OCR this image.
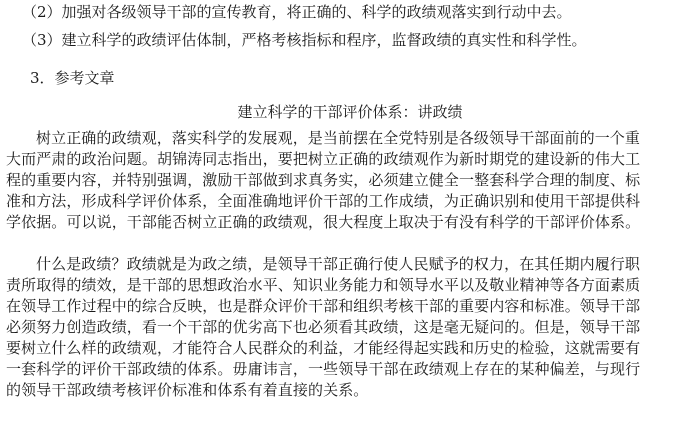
（2）加强对各级领导干部的宣传教育，将正确的、科学的政绩观落实到行动中去。
（3）建立科学的政绩评估体制，严格考核指标和程序，监督政绩的真实性和科学性。
3．参考文章
建立科学的干部评价体系：讲政绩
树立正确的政绩观，落实科学的发展观，是当前摆在全党特别是各级领导干部面前的一个重
大而严肃的政治问题。胡锦涛同志指出，要把树立正确的政绩观作为新时期党的建设新的伟大工
程的重要内容，并特别强调，激励干部做到求真务实，必须建立健全一整套科学合理的制度、标
准和方法，形成科学评价体系，全面准确地评价干部的工作成绩，为正确识别和使用干部提供科
学依据。可以说，干部能否树立正确的政绩观，很大程度上取决于有没有科学的干部评价体系。
什么是政绩？政绩就是为政之绩，是领导干部正确行使人民赋予的权力，在其任期内履行职
责所取得的绩效，是干部的思想政治水平、知识业务能力和领导水平以及敬业精神等各方面素质
在领导工作过程中的综合反映，也是群众评价干部和组织考核干部的重要内容和标准。领导干部
必须努力创造政绩，看一个干部的优劣高下也必须看其政绩，这是毫无疑问的。但是，领导干部
要树立什么样的政绩观，才能符合人民群众的利益，才能经得起实践和历史的检验，这就需要有
一套科学的评价干部政绩的体系。毋庸讳言，一些领导干部在政绩观上存在的某种偏差，与现行
的领导干部政绩考核评价标准和体系有着直接的关系。
